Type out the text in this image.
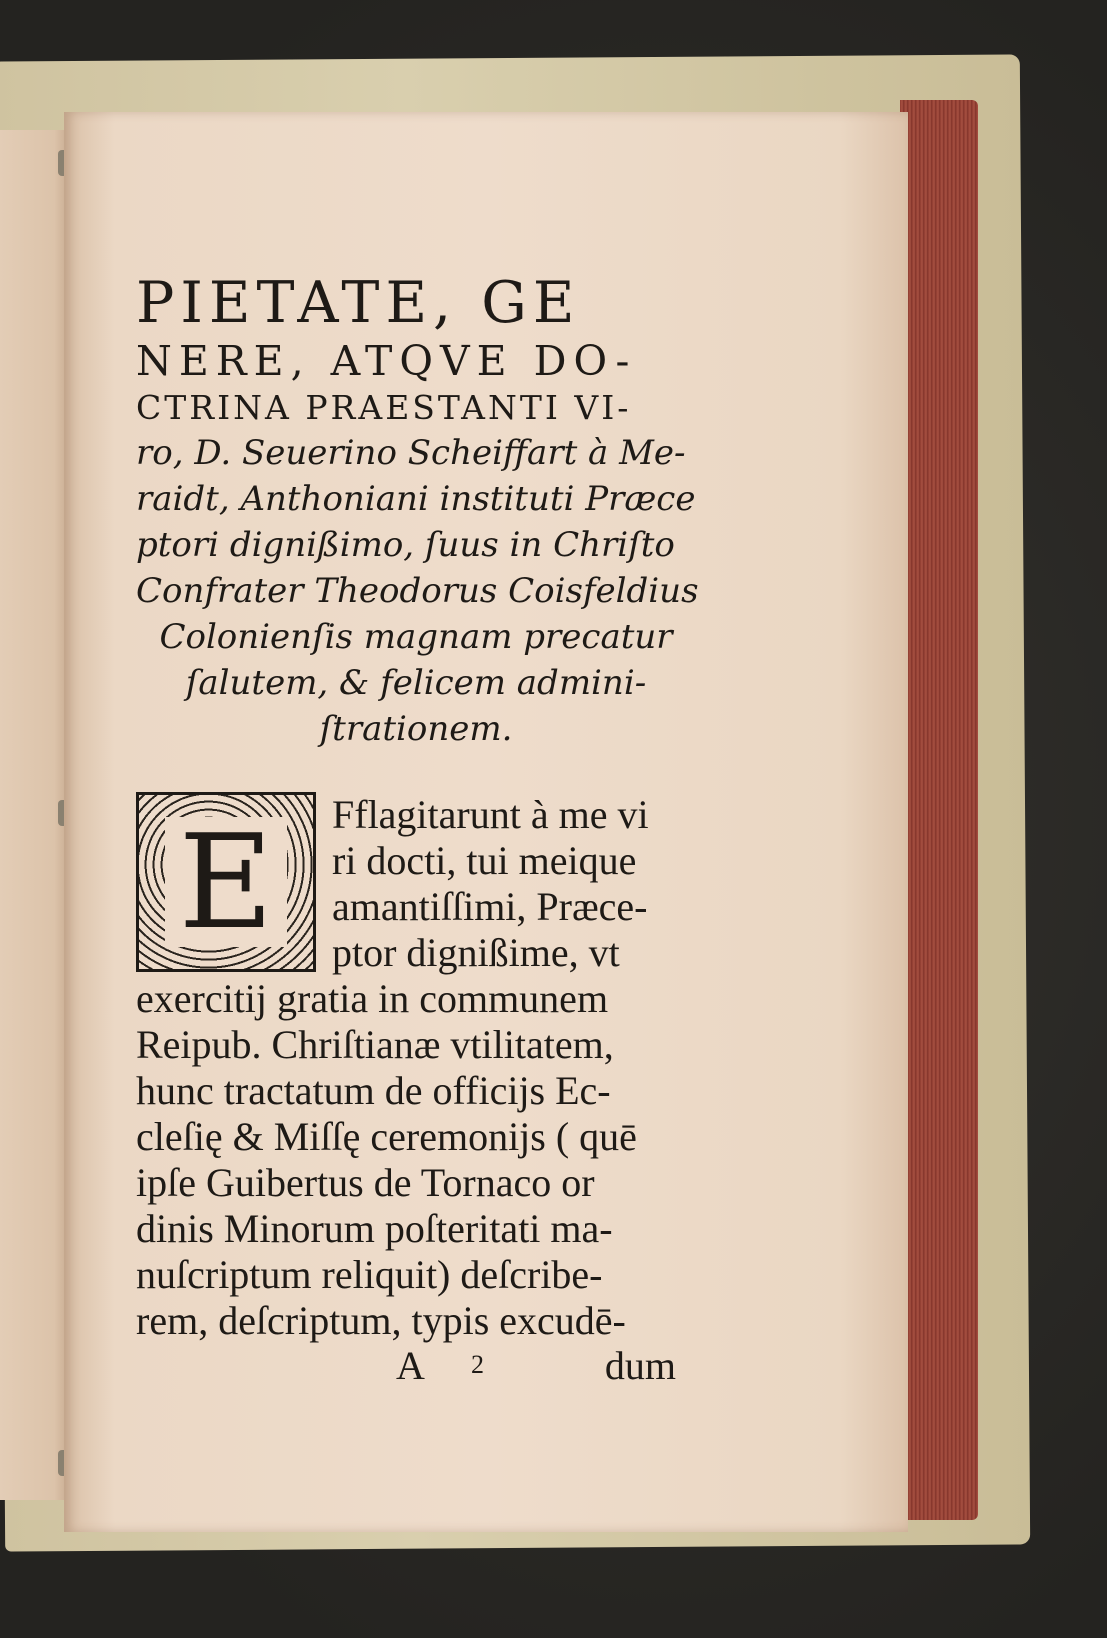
PIETATE, GE
NERE, ATQVE DO-
CTRINA PRAESTANTI VI-
ro, D. Seuerino Scheiffart à Me-
raidt, Anthoniani instituti Præce
ptori dignißimo, ſuus in Chriſto
Confrater Theodorus Coisfeldius
Colonienſis magnam precatur
ſalutem, & felicem admini-
ſtrationem.
E	Fflagitarunt à me vi
ri docti, tui meique
amantiſſimi, Præce-
ptor dignißime, vt
exercitij gratia in communem
Reipub. Chriſtianæ vtilitatem,
hunc tractatum de officijs Ec-
cleſię & Miſſę ceremonijs ( quē
ipſe Guibertus de Tornaco or
dinis Minorum poſteritati ma-
nuſcriptum reliquit) deſcribe-
rem, deſcriptum, typis excudē-
A 2	dum
